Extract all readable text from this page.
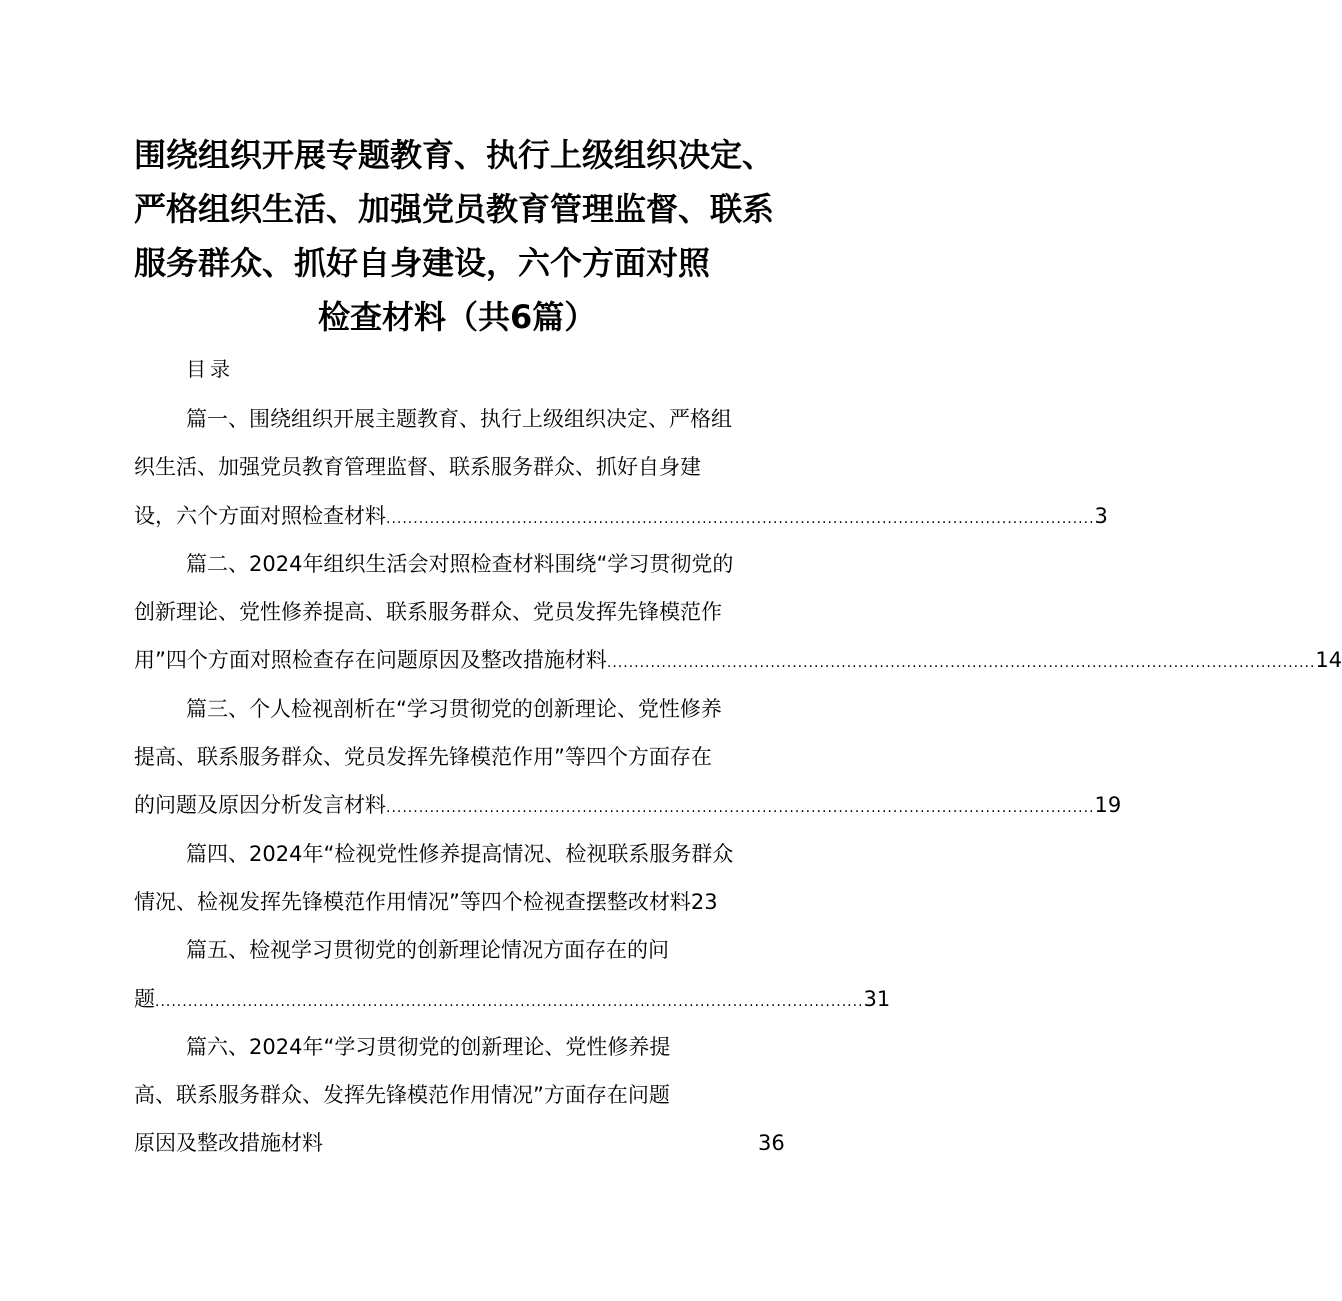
围绕组织开展专题教育、执行上级组织决定、
严格组织生活、加强党员教育管理监督、联系
服务群众、抓好自身建设，六个方面对照
检查材料（共6篇）
目录
篇一、围绕组织开展主题教育、执行上级组织决定、严格组
织生活、加强党员教育管理监督、联系服务群众、抓好自身建
设，六个方面对照检查材料 .................................................................................................................................. 3
篇二、2024年组织生活会对照检查材料围绕“学习贯彻党的
创新理论、党性修养提高、联系服务群众、党员发挥先锋模范作
用”四个方面对照检查存在问题原因及整改措施材料 .................................................................................................................................. 14
篇三、个人检视剖析在“学习贯彻党的创新理论、党性修养
提高、联系服务群众、党员发挥先锋模范作用”等四个方面存在
的问题及原因分析发言材料 .................................................................................................................................. 19
篇四、2024年“检视党性修养提高情况、检视联系服务群众
情况、检视发挥先锋模范作用情况”等四个检视查摆整改材料 23
篇五、检视学习贯彻党的创新理论情况方面存在的问
题 .................................................................................................................................. 31
篇六、2024年“学习贯彻党的创新理论、党性修养提
高、联系服务群众、发挥先锋模范作用情况”方面存在问题
原因及整改措施材料	36
